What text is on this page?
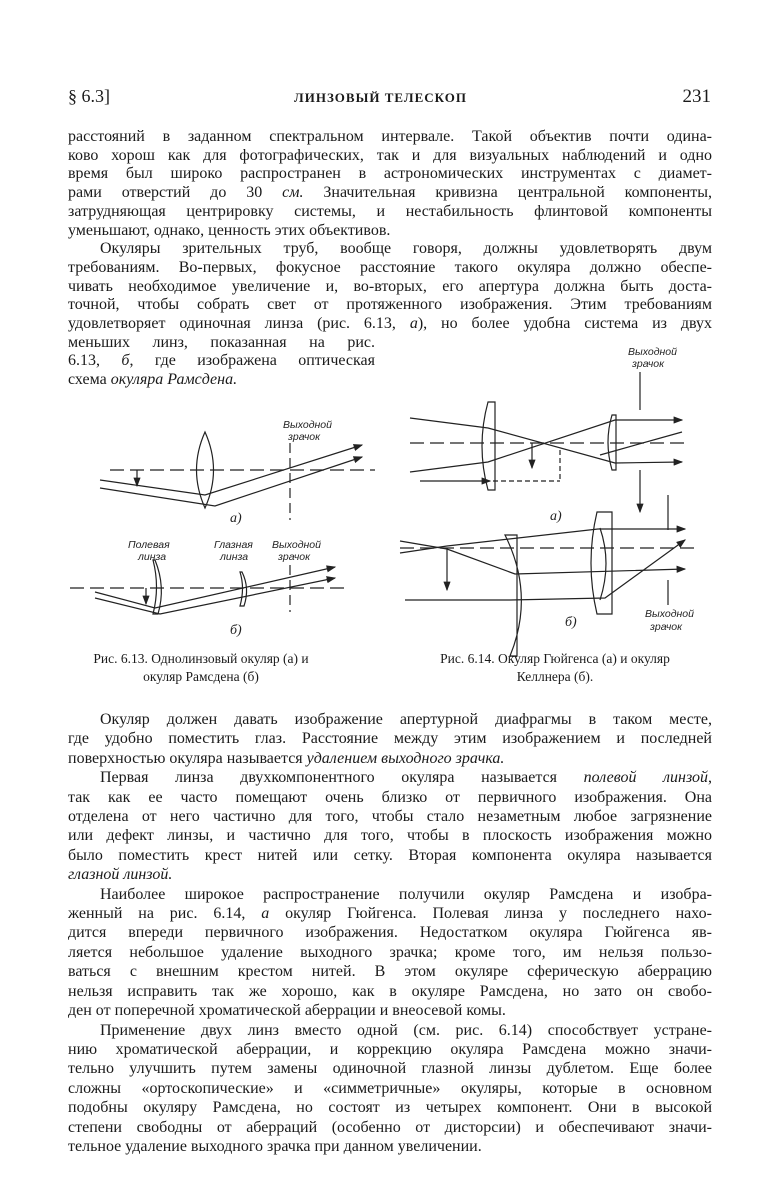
§ 6.3]	ЛИНЗОВЫЙ ТЕЛЕСКОП	231
расстояний в заданном спектральном интервале. Такой объектив почти одина-
ково хорош как для фотографических, так и для визуальных наблюдений и одно
время был широко распространен в астрономических инструментах с диамет-
рами отверстий до 30 см. Значительная кривизна центральной компоненты,
затрудняющая центрировку системы, и нестабильность флинтовой компоненты
уменьшают, однако, ценность этих объективов.
Окуляры зрительных труб, вообще говоря, должны удовлетворять двум
требованиям. Во-первых, фокусное расстояние такого окуляра должно обеспе-
чивать необходимое увеличение и, во-вторых, его апертура должна быть доста-
точной, чтобы собрать свет от протяженного изображения. Этим требованиям
удовлетворяет одиночная линза (рис. 6.13, а), но более удобна система из двух
меньших линз, показанная на рис.
6.13, б, где изображена оптическая
схема окуляра Рамсдена.
Выходной
зрачок
а)
Полевая
линза
Глазная
линза
Выходной
зрачок
б)
Выходной
зрачок
а)
Выходной
зрачок
б)
Рис. 6.13. Однолинзовый окуляр (а) и
окуляр Рамсдена (б)
Рис. 6.14. Окуляр Гюйгенса (а) и окуляр
Келлнера (б).
Окуляр должен давать изображение апертурной диафрагмы в таком месте,
где удобно поместить глаз. Расстояние между этим изображением и последней
поверхностью окуляра называется удалением выходного зрачка.
Первая линза двухкомпонентного окуляра называется полевой линзой,
так как ее часто помещают очень близко от первичного изображения. Она
отделена от него частично для того, чтобы стало незаметным любое загрязнение
или дефект линзы, и частично для того, чтобы в плоскость изображения можно
было поместить крест нитей или сетку. Вторая компонента окуляра называется
глазной линзой.
Наиболее широкое распространение получили окуляр Рамсдена и изобра-
женный на рис. 6.14, а окуляр Гюйгенса. Полевая линза у последнего нахо-
дится впереди первичного изображения. Недостатком окуляра Гюйгенса яв-
ляется небольшое удаление выходного зрачка; кроме того, им нельзя пользо-
ваться с внешним крестом нитей. В этом окуляре сферическую аберрацию
нельзя исправить так же хорошо, как в окуляре Рамсдена, но зато он свобо-
ден от поперечной хроматической аберрации и внеосевой комы.
Применение двух линз вместо одной (см. рис. 6.14) способствует устране-
нию хроматической аберрации, и коррекцию окуляра Рамсдена можно значи-
тельно улучшить путем замены одиночной глазной линзы дублетом. Еще более
сложны «ортоскопические» и «симметричные» окуляры, которые в основном
подобны окуляру Рамсдена, но состоят из четырех компонент. Они в высокой
степени свободны от аберраций (особенно от дисторсии) и обеспечивают значи-
тельное удаление выходного зрачка при данном увеличении.
